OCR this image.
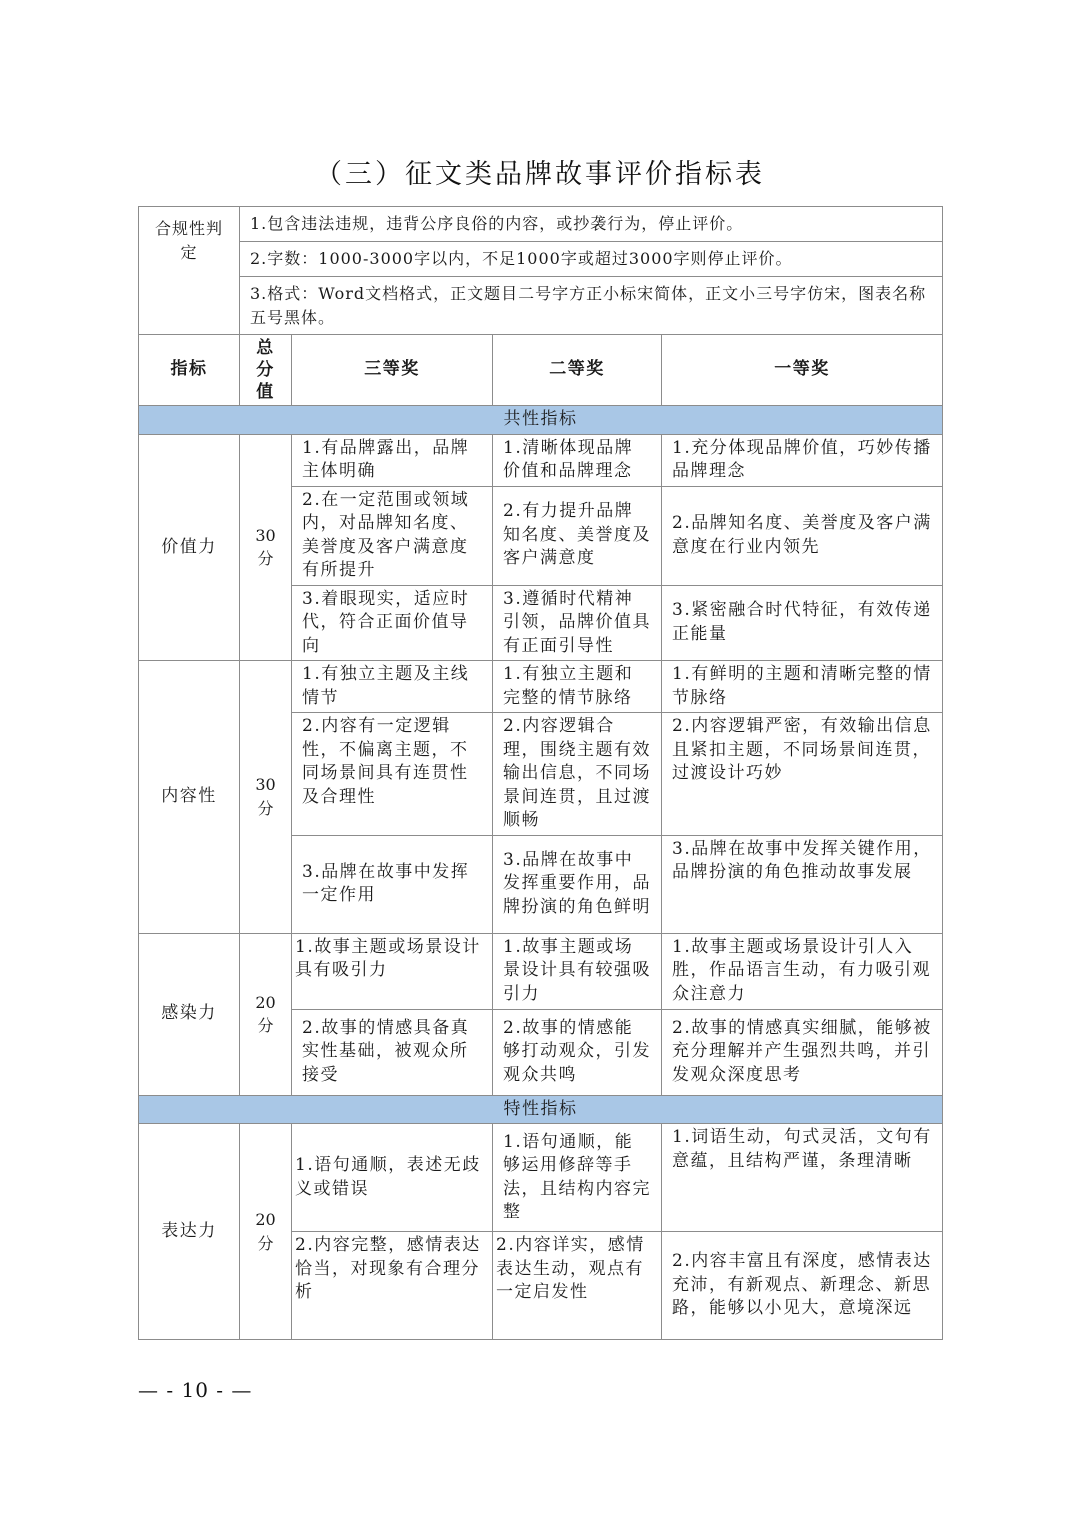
（三）征文类品牌故事评价指标表
合规性判定	1.包含违法违规，违背公序良俗的内容，或抄袭行为，停止评价。			
	2.字数：1000-3000字以内，不足1000字或超过3000字则停止评价。			
	3.格式：Word文档格式，正文题目二号字方正小标宋简体，正文小三号字仿宋，图表名称五号黑体。			
指标	总分值	三等奖	二等奖	一等奖
共性指标				
价值力	30分	1.有品牌露出，品牌主体明确	1.清晰体现品牌价值和品牌理念	1.充分体现品牌价值，巧妙传播品牌理念
		2.在一定范围或领域内，对品牌知名度、美誉度及客户满意度有所提升	2.有力提升品牌知名度、美誉度及客户满意度	2.品牌知名度、美誉度及客户满意度在行业内领先
		3.着眼现实，适应时代，符合正面价值导向	3.遵循时代精神引领，品牌价值具有正面引导性	3.紧密融合时代特征，有效传递正能量
内容性	30分	1.有独立主题及主线情节	1.有独立主题和完整的情节脉络	1.有鲜明的主题和清晰完整的情节脉络
		2.内容有一定逻辑性，不偏离主题，不同场景间具有连贯性及合理性	2.内容逻辑合理，围绕主题有效输出信息，不同场景间连贯，且过渡顺畅	2.内容逻辑严密，有效输出信息且紧扣主题，不同场景间连贯，过渡设计巧妙
		3.品牌在故事中发挥一定作用	3.品牌在故事中发挥重要作用，品牌扮演的角色鲜明	3.品牌在故事中发挥关键作用，品牌扮演的角色推动故事发展
感染力	20分	1.故事主题或场景设计具有吸引力	1.故事主题或场景设计具有较强吸引力	1.故事主题或场景设计引人入胜，作品语言生动，有力吸引观众注意力
		2.故事的情感具备真实性基础，被观众所接受	2.故事的情感能够打动观众，引发观众共鸣	2.故事的情感真实细腻，能够被充分理解并产生强烈共鸣，并引发观众深度思考
特性指标				
表达力	20分	1.语句通顺，表述无歧义或错误	1.语句通顺，能够运用修辞等手法，且结构内容完整	1.词语生动，句式灵活，文句有意蕴，且结构严谨，条理清晰
		2.内容完整，感情表达恰当，对现象有合理分析	2.内容详实，感情表达生动，观点有一定启发性	2.内容丰富且有深度，感情表达充沛，有新观点、新理念、新思路，能够以小见大，意境深远
— - 10 - —
